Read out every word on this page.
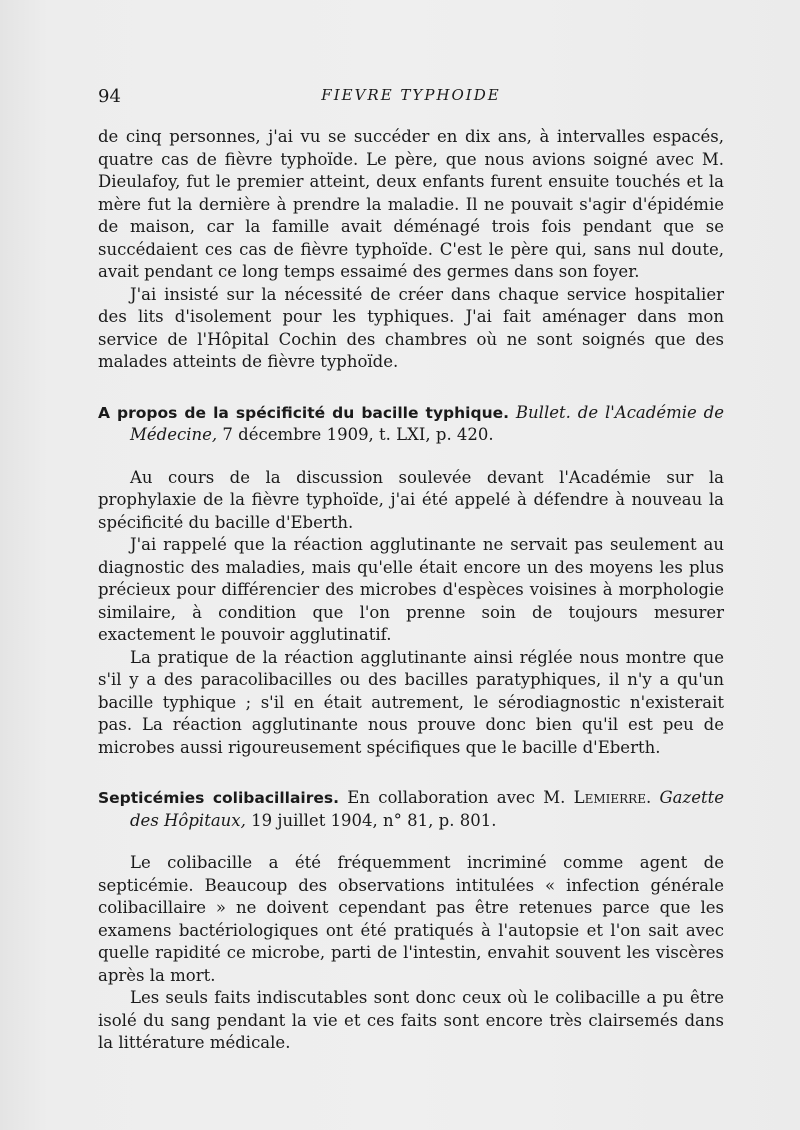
94	FIEVRE TYPHOIDE

de cinq personnes, j'ai vu se succéder en dix ans, à intervalles espacés, quatre cas de fièvre typhoïde. Le père, que nous avions soigné avec M. Dieulafoy, fut le premier atteint, deux enfants furent ensuite touchés et la mère fut la dernière à prendre la maladie. Il ne pouvait s'agir d'épidémie de maison, car la famille avait déménagé trois fois pendant que se succédaient ces cas de fièvre typhoïde. C'est le père qui, sans nul doute, avait pendant ce long temps essaimé des germes dans son foyer.

J'ai insisté sur la nécessité de créer dans chaque service hospitalier des lits d'isolement pour les typhiques. J'ai fait aménager dans mon service de l'Hôpital Cochin des chambres où ne sont soignés que des malades atteints de fièvre typhoïde.

A propos de la spécificité du bacille typhique. Bullet. de l'Académie de Médecine, 7 décembre 1909, t. LXI, p. 420.

Au cours de la discussion soulevée devant l'Académie sur la prophylaxie de la fièvre typhoïde, j'ai été appelé à défendre à nouveau la spécificité du bacille d'Eberth.

J'ai rappelé que la réaction agglutinante ne servait pas seulement au diagnostic des maladies, mais qu'elle était encore un des moyens les plus précieux pour différencier des microbes d'espèces voisines à morphologie similaire, à condition que l'on prenne soin de toujours mesurer exactement le pouvoir agglutinatif.

La pratique de la réaction agglutinante ainsi réglée nous montre que s'il y a des paracolibacilles ou des bacilles paratyphiques, il n'y a qu'un bacille typhique ; s'il en était autrement, le sérodiagnostic n'existerait pas. La réaction agglutinante nous prouve donc bien qu'il est peu de microbes aussi rigoureusement spécifiques que le bacille d'Eberth.

Septicémies colibacillaires. En collaboration avec M. Lemierre. Gazette des Hôpitaux, 19 juillet 1904, n° 81, p. 801.

Le colibacille a été fréquemment incriminé comme agent de septicémie. Beaucoup des observations intitulées « infection générale colibacillaire » ne doivent cependant pas être retenues parce que les examens bactériologiques ont été pratiqués à l'autopsie et l'on sait avec quelle rapidité ce microbe, parti de l'intestin, envahit souvent les viscères après la mort.

Les seuls faits indiscutables sont donc ceux où le colibacille a pu être isolé du sang pendant la vie et ces faits sont encore très clairsemés dans la littérature médicale.
